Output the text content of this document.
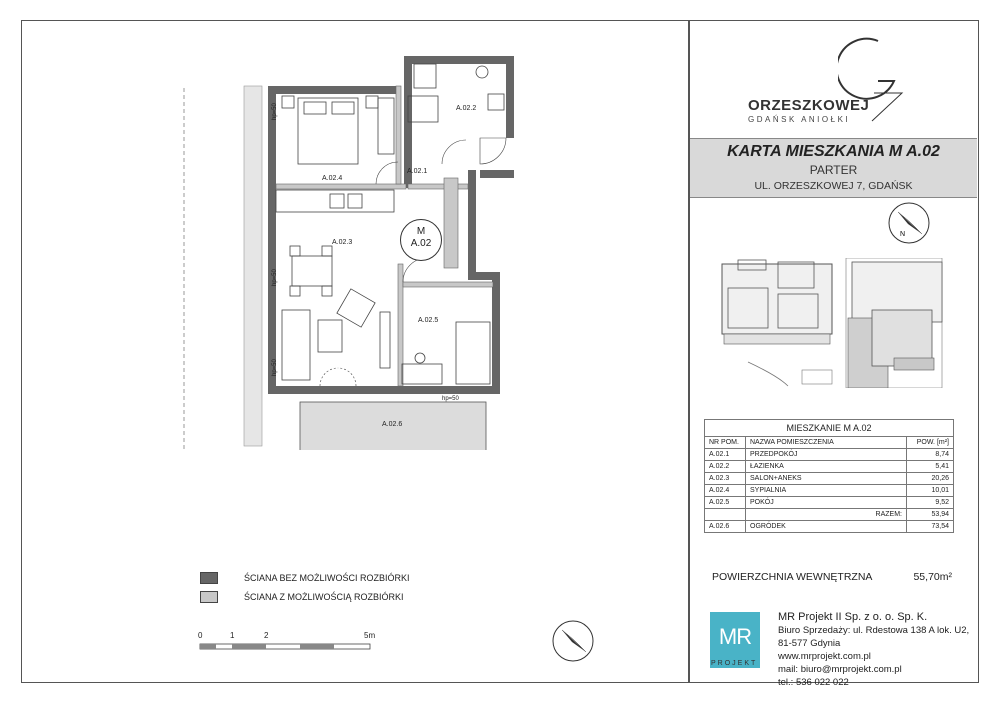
A.02.1
A.02.2
A.02.3
A.02.4
A.02.5
A.02.6
hp=50
hp=50
hp=50
hp=50
M
A.02
ORZESZKOWEJ
GDAŃSK ANIOŁKI
KARTA MIESZKANIA M A.02
PARTER
UL. ORZESZKOWEJ 7, GDAŃSK
N
MIESZKANIE M A.02		
NR POM.	NAZWA POMIESZCZENIA	POW. [m²]
A.02.1	PRZEDPOKÓJ	8,74
A.02.2	ŁAZIENKA	5,41
A.02.3	SALON+ANEKS	20,26
A.02.4	SYPIALNIA	10,01
A.02.5	POKÓJ	9,52
	RAZEM:	53,94
A.02.6	OGRÓDEK	73,54
POWIERZCHNIA WEWNĘTRZNA	55,70m²
ŚCIANA BEZ MOŻLIWOŚCI ROZBIÓRKI
ŚCIANA Z MOŻLIWOŚCIĄ ROZBIÓRKI
0	1	2	5m	MR
PROJEKT
MR Projekt II Sp. z o. o. Sp. K.
Biuro Sprzedaży: ul. Rdestowa 138 A lok. U2,
81-577 Gdynia
www.mrprojekt.com.pl
mail: biuro@mrprojekt.com.pl
tel.: 536 022 022
